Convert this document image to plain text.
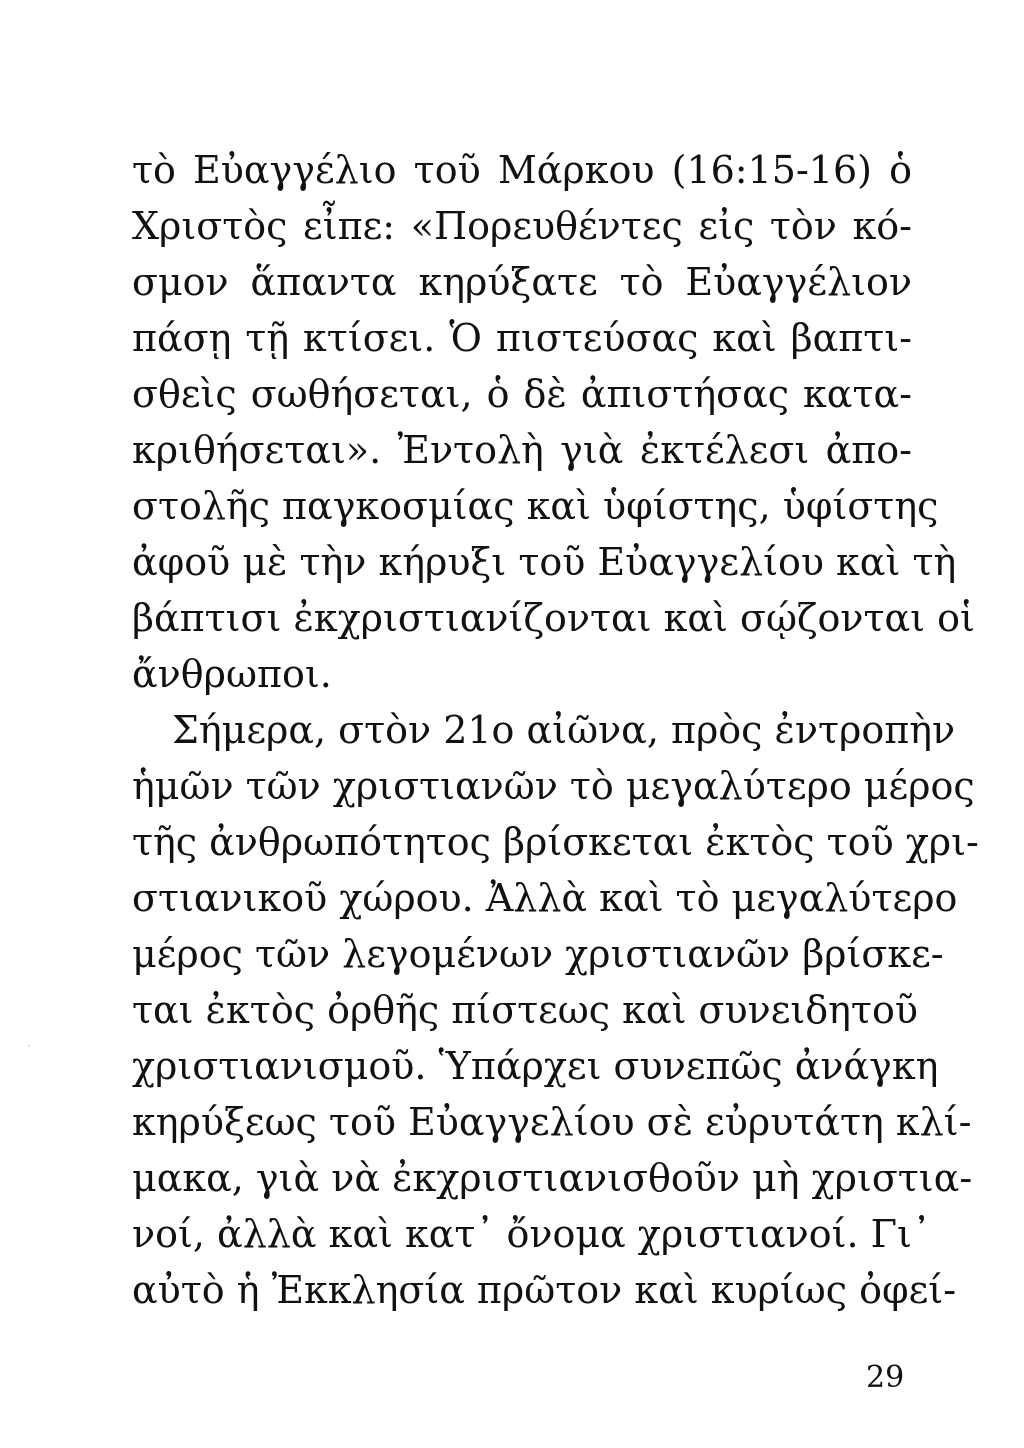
τὸ Εὐαγγέλιο τοῦ Μάρκου (16:15-16) ὁ
Χριστὸς εἶπε: «Πορευθέντες εἰς τὸν κό-
σμον ἅπαντα κηρύξατε τὸ Εὐαγγέλιον
πάσῃ τῇ κτίσει. Ὁ πιστεύσας καὶ βαπτι-
σθεὶς σωθήσεται, ὁ δὲ ἀπιστήσας κατα-
κριθήσεται». Ἐντολὴ γιὰ ἐκτέλεσι ἀπο-
στολῆς παγκοσμίας καὶ ὑφίστης, ὑφίστης
ἀφοῦ μὲ τὴν κήρυξι τοῦ Εὐαγγελίου καὶ τὴ
βάπτισι ἐκχριστιανίζονται καὶ σῴζονται οἱ
ἄνθρωποι.
Σήμερα, στὸν 21ο αἰῶνα, πρὸς ἐντροπὴν
ἡμῶν τῶν χριστιανῶν τὸ μεγαλύτερο μέρος
τῆς ἀνθρωπότητος βρίσκεται ἐκτὸς τοῦ χρι-
στιανικοῦ χώρου. Ἀλλὰ καὶ τὸ μεγαλύτερο
μέρος τῶν λεγομένων χριστιανῶν βρίσκε-
ται ἐκτὸς ὀρθῆς πίστεως καὶ συνειδητοῦ
χριστιανισμοῦ. Ὑπάρχει συνεπῶς ἀνάγκη
κηρύξεως τοῦ Εὐαγγελίου σὲ εὐρυτάτη κλί-
μακα, γιὰ νὰ ἐκχριστιανισθοῦν μὴ χριστια-
νοί, ἀλλὰ καὶ κατ᾽ ὄνομα χριστιανοί. Γι᾽
αὐτὸ ἡ Ἐκκλησία πρῶτον καὶ κυρίως ὀφεί-
29
